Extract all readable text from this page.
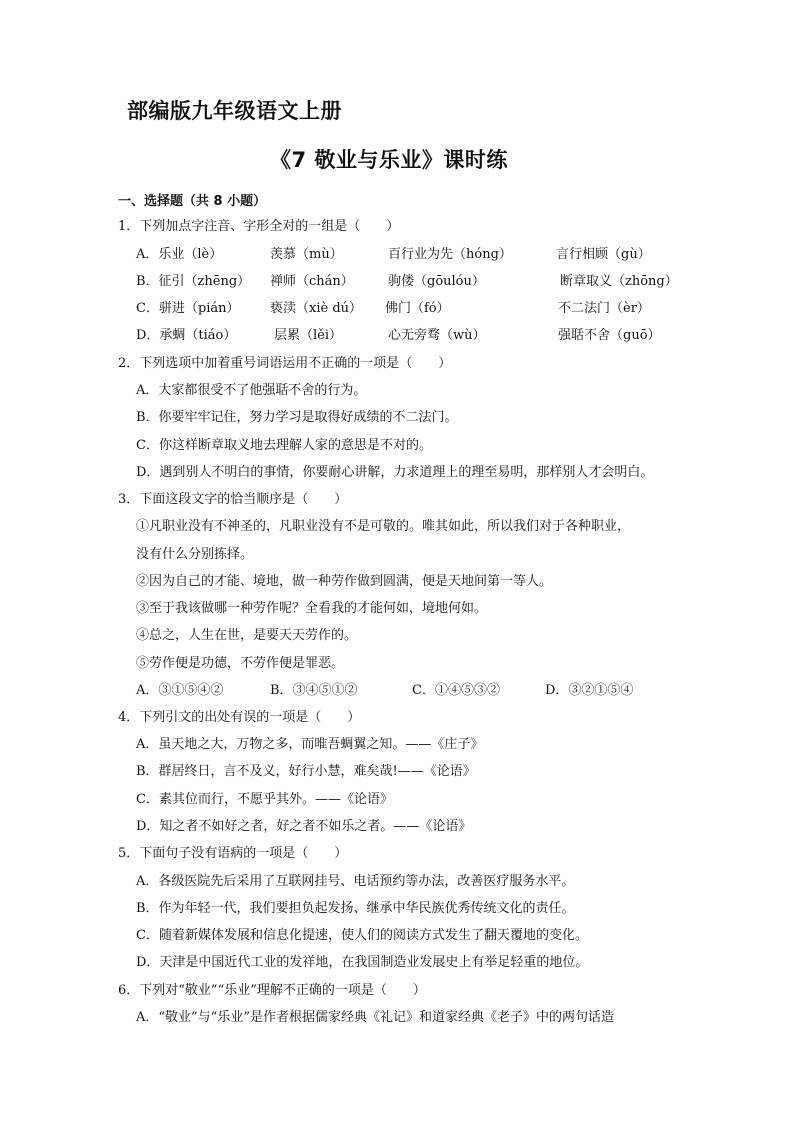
部编版九年级语文上册
《7 敬业与乐业》课时练
一、选择题（共 8 小题）
1．下列加点字注音、字形全对的一组是（　　）
A．乐业（lè）	羡慕（mù）	百行业为先（hóng）	言行相顾（gù）
B．征引（zhēng） 禅师（chán）	驹偻（gōulóu）	断章取义（zhōng）
C．骈进（pián） 亵渎（xiè dú） 佛门（fó）	不二法门（èr）
D．承蜩（tiáo）	层累（lěi）	心无旁骛（wù）	强聒不舍（guō）
2．下列选项中加着重号词语运用不正确的一项是（　　）
A．大家都很受不了他强聒不舍的行为。
B．你要牢牢记住，努力学习是取得好成绩的不二法门。
C．你这样断章取义地去理解人家的意思是不对的。
D．遇到别人不明白的事情，你要耐心讲解，力求道理上的理至易明，那样别人才会明白。
3．下面这段文字的恰当顺序是（　　）
①凡职业没有不神圣的，凡职业没有不是可敬的。唯其如此，所以我们对于各种职业，
没有什么分别拣择。
②因为自己的才能、境地，做一种劳作做到圆满，便是天地间第一等人。
③至于我该做哪一种劳作呢？全看我的才能何如，境地何如。
④总之，人生在世，是要天天劳作的。
⑤劳作便是功德，不劳作便是罪恶。
A．③①⑤④②	B．③④⑤①②	C．①④⑤③②	D．③②①⑤④
4．下列引文的出处有误的一项是（　　）
A．虽天地之大，万物之多，而唯吾蜩翼之知。——《庄子》
B．群居终日，言不及义，好行小慧，难矣哉!——《论语》
C．素其位而行，不愿乎其外。——《论语》
D．知之者不如好之者，好之者不如乐之者。——《论语》
5．下面句子没有语病的一项是（　　）
A．各级医院先后采用了互联网挂号、电话预约等办法，改善医疗服务水平。
B．作为年轻一代，我们要担负起发扬、继承中华民族优秀传统文化的责任。
C．随着新媒体发展和信息化提速，使人们的阅读方式发生了翻天覆地的变化。
D．天津是中国近代工业的发祥地，在我国制造业发展史上有举足轻重的地位。
6．下列对“敬业”“乐业”理解不正确的一项是（　　）
A．“敬业”与“乐业”是作者根据儒家经典《礼记》和道家经典《老子》中的两句话造
